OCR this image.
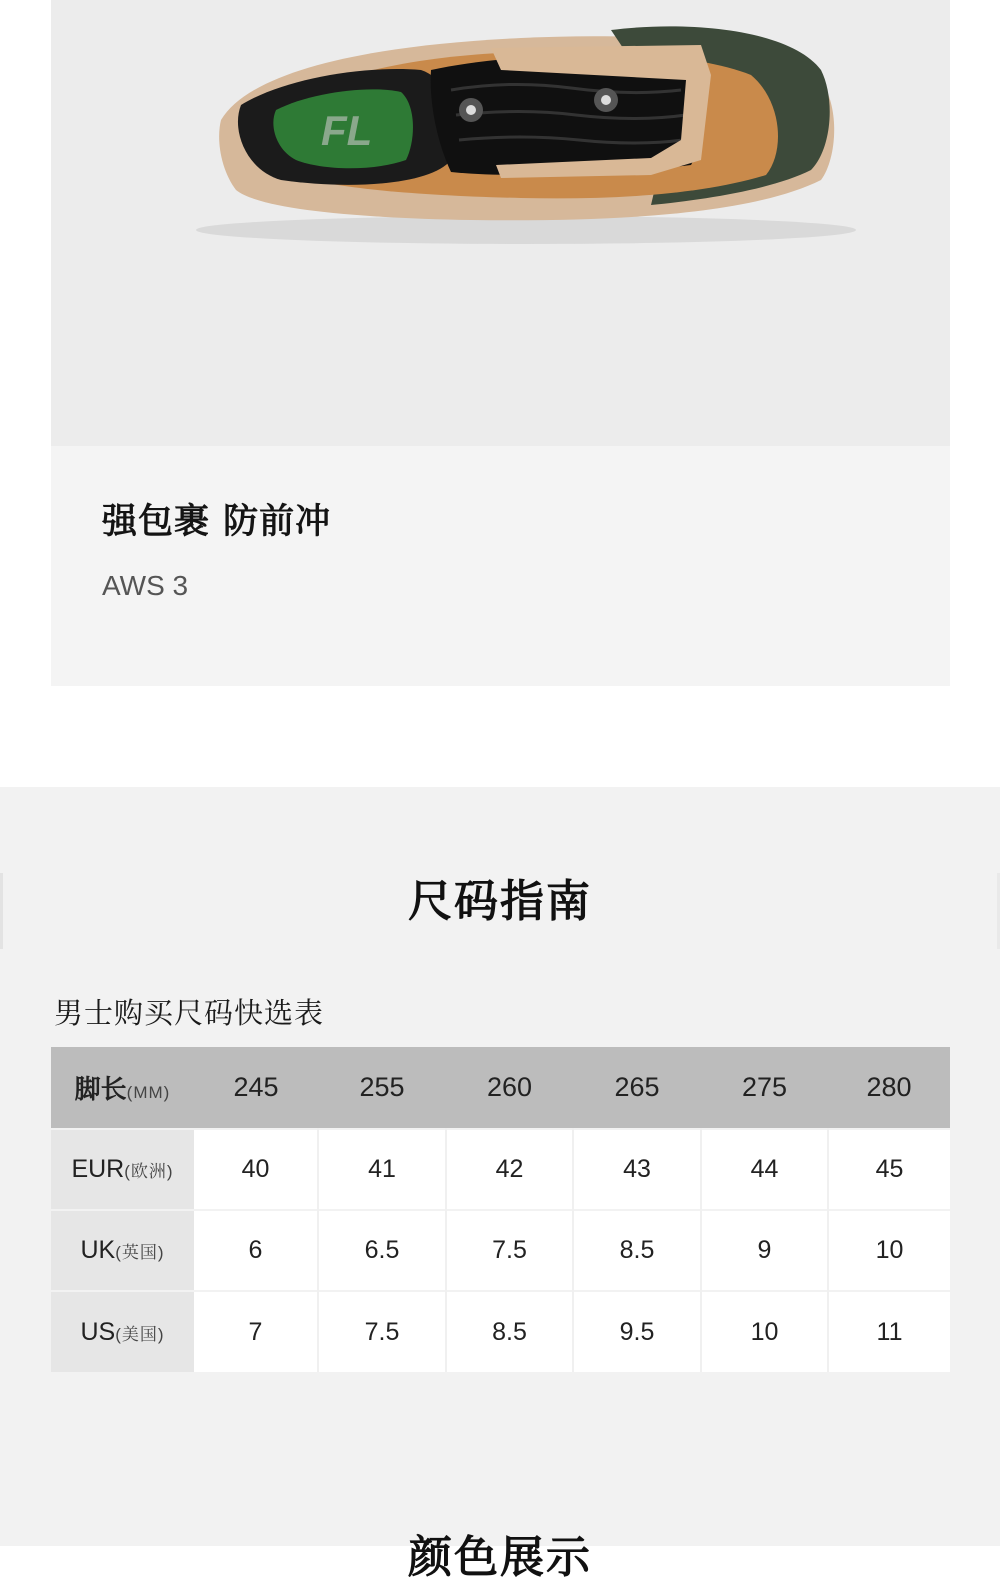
FL
强包裹 防前冲
AWS 3
尺码指南
男士购买尺码快选表
脚长(MM)	245	255	260	265	275	280
EUR(欧洲)	40	41	42	43	44	45
UK(英国)	6	6.5	7.5	8.5	9	10
US(美国)	7	7.5	8.5	9.5	10	11
颜色展示
